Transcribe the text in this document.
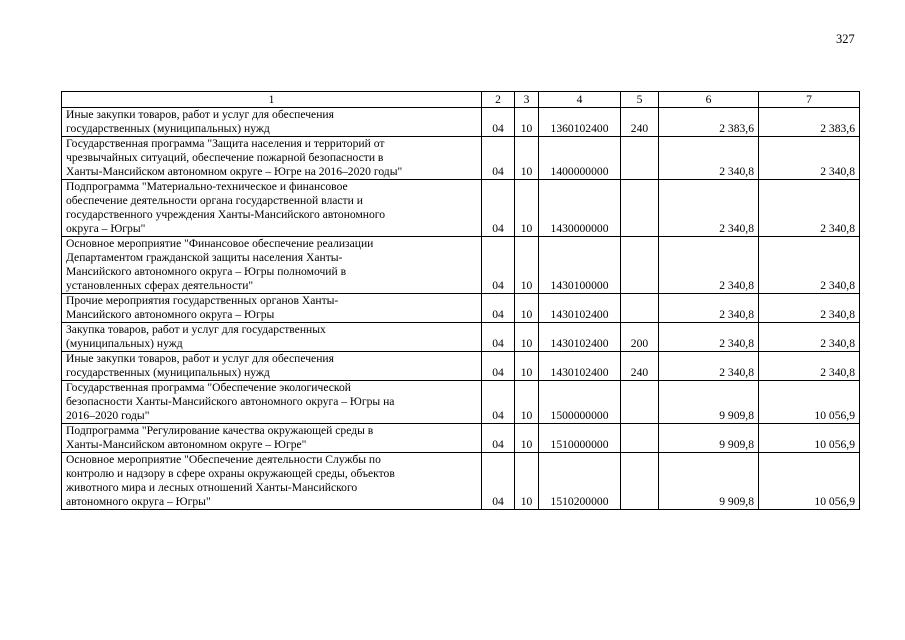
327
1	2	3	4	5	6	7
Иные закупки товаров, работ и услуг для обеспечения
государственных (муниципальных) нужд	04	10	1360102400	240	2 383,6	2 383,6
Государственная программа "Защита населения и территорий от
чрезвычайных ситуаций, обеспечение пожарной безопасности в
Ханты-Мансийском автономном округе – Югре на 2016–2020 годы"	04	10	1400000000		2 340,8	2 340,8
Подпрограмма "Материально-техническое и финансовое
обеспечение деятельности органа государственной власти и
государственного учреждения Ханты-Мансийского автономного
округа – Югры"	04	10	1430000000		2 340,8	2 340,8
Основное мероприятие "Финансовое обеспечение реализации
Департаментом гражданской защиты населения Ханты-
Мансийского автономного округа – Югры полномочий в
установленных сферах деятельности"	04	10	1430100000		2 340,8	2 340,8
Прочие мероприятия государственных органов Ханты-
Мансийского автономного округа – Югры	04	10	1430102400		2 340,8	2 340,8
Закупка товаров, работ и услуг для государственных
(муниципальных) нужд	04	10	1430102400	200	2 340,8	2 340,8
Иные закупки товаров, работ и услуг для обеспечения
государственных (муниципальных) нужд	04	10	1430102400	240	2 340,8	2 340,8
Государственная программа "Обеспечение экологической
безопасности Ханты-Мансийского автономного округа – Югры на
2016–2020 годы"	04	10	1500000000		9 909,8	10 056,9
Подпрограмма "Регулирование качества окружающей среды в
Ханты-Мансийском автономном округе – Югре"	04	10	1510000000		9 909,8	10 056,9
Основное мероприятие "Обеспечение деятельности Службы по
контролю и надзору в сфере охраны окружающей среды, объектов
животного мира и лесных отношений Ханты-Мансийского
автономного округа – Югры"	04	10	1510200000		9 909,8	10 056,9
